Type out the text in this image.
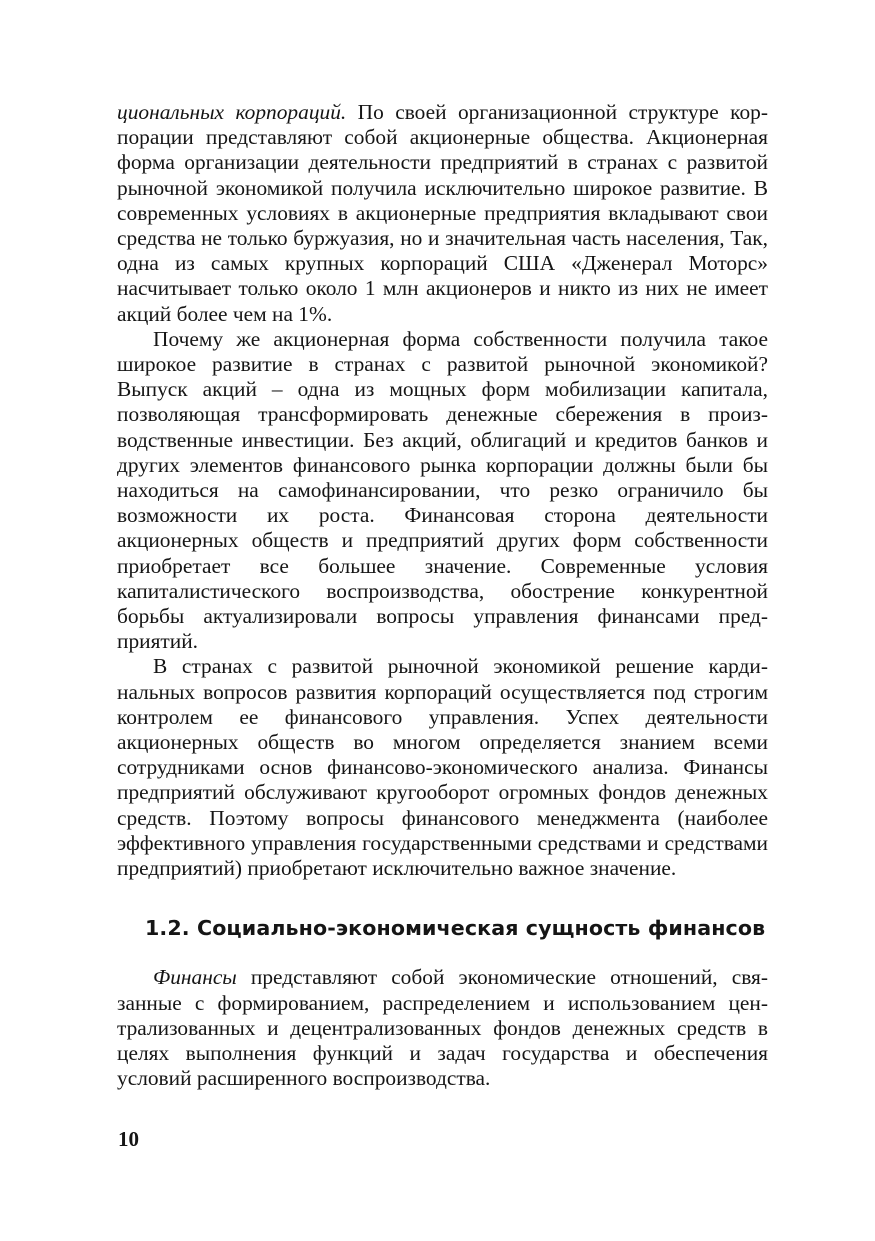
циональных корпораций. По своей организационной структуре корпорации представляют собой акционерные общества. Акционерная форма организации деятельности предприятий в странах с развитой рыночной экономикой получила исключительно широкое развитие. В современных условиях в акционерные предприятия вкладывают свои средства не только буржуазия, но и значительная часть населения, Так, одна из самых крупных корпораций США «Дженерал Моторс» насчитывает только около 1 млн акционеров и никто из них не имеет акций более чем на 1%.

Почему же акционерная форма собственности получила такое широкое развитие в странах с развитой рыночной экономикой? Выпуск акций – одна из мощных форм мобилизации капитала, позволяющая трансформировать денежные сбережения в производственные инвестиции. Без акций, облигаций и кредитов банков и других элементов финансового рынка корпорации должны были бы находиться на самофинансировании, что резко ограничило бы возможности их роста. Финансовая сторона деятельности акционерных обществ и предприятий других форм собственности приобретает все большее значение. Современные условия капиталистического воспроизводства, обострение конкурентной борьбы актуализировали вопросы управления финансами предприятий.

В странах с развитой рыночной экономикой решение кардинальных вопросов развития корпораций осуществляется под строгим контролем ее финансового управления. Успех деятельности акционерных обществ во многом определяется знанием всеми сотрудниками основ финансово-экономического анализа. Финансы предприятий обслуживают кругооборот огромных фондов денежных средств. Поэтому вопросы финансового менеджмента (наиболее эффективного управления государственными средствами и средствами предприятий) приобретают исключительно важное значение.

1.2. Социально-экономическая сущность финансов

Финансы представляют собой экономические отношений, связанные с формированием, распределением и использованием централизованных и децентрализованных фондов денежных средств в целях выполнения функций и задач государства и обеспечения условий расширенного воспроизводства.

10
